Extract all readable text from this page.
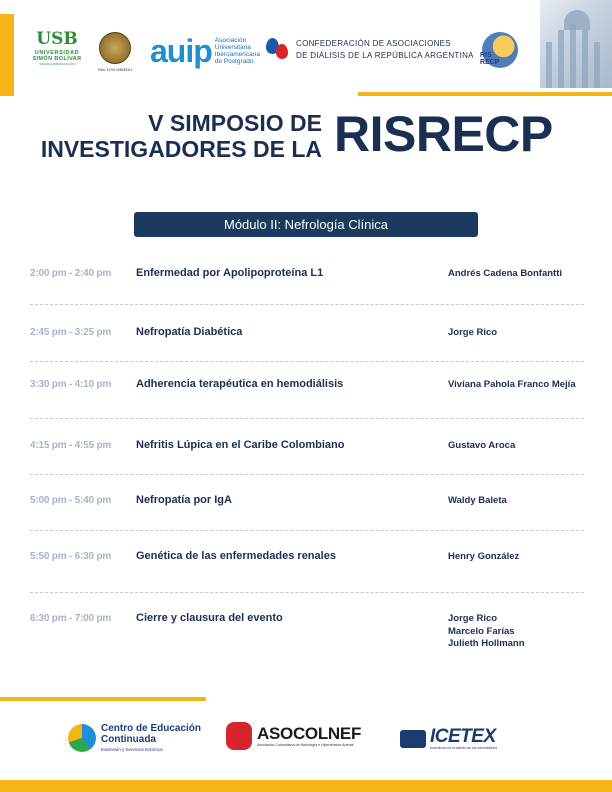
USB
UNIVERSIDAD
SIMÓN BOLÍVAR
VIGILADA MINEDUCACIÓN
Res 3700 MINEDU
auip Asociación
Universitaria
Iberoamericana
de Postgrado
CONFEDERACIÓN DE ASOCIACIONES
DE DIÁLISIS DE LA REPÚBLICA ARGENTINA RIS
RECP
V SIMPOSIO DE
INVESTIGADORES DE LA RISRECP
Módulo II: Nefrología Clínica
2:00 pm - 2:40 pm Enfermedad por Apolipoproteína L1	Andrés Cadena Bonfantti
2:45 pm - 3:25 pm Nefropatía Diabética	Jorge Rico
3:30 pm - 4:10 pm Adherencia terapéutica en hemodiálisis	Viviana Pahola Franco Mejía
4:15 pm - 4:55 pm Nefritis Lúpica en el Caribe Colombiano	Gustavo Aroca
5:00 pm - 5:40 pm Nefropatía por IgA	Waldy Baleta
5:50 pm - 6:30 pm Genética de las enfermedades renales	Henry González
6:30 pm - 7:00 pm Cierre y clausura del evento	Jorge Rico
Marcelo Farías
Julieth Hollmann
Centro de Educación
Continuada
Extensión y Servicios Externos
ASOCOLNEF
Asociación Colombiana de Nefrología e Hipertensión Arterial	ICETEX
Invertimos en el talento de los colombianos
